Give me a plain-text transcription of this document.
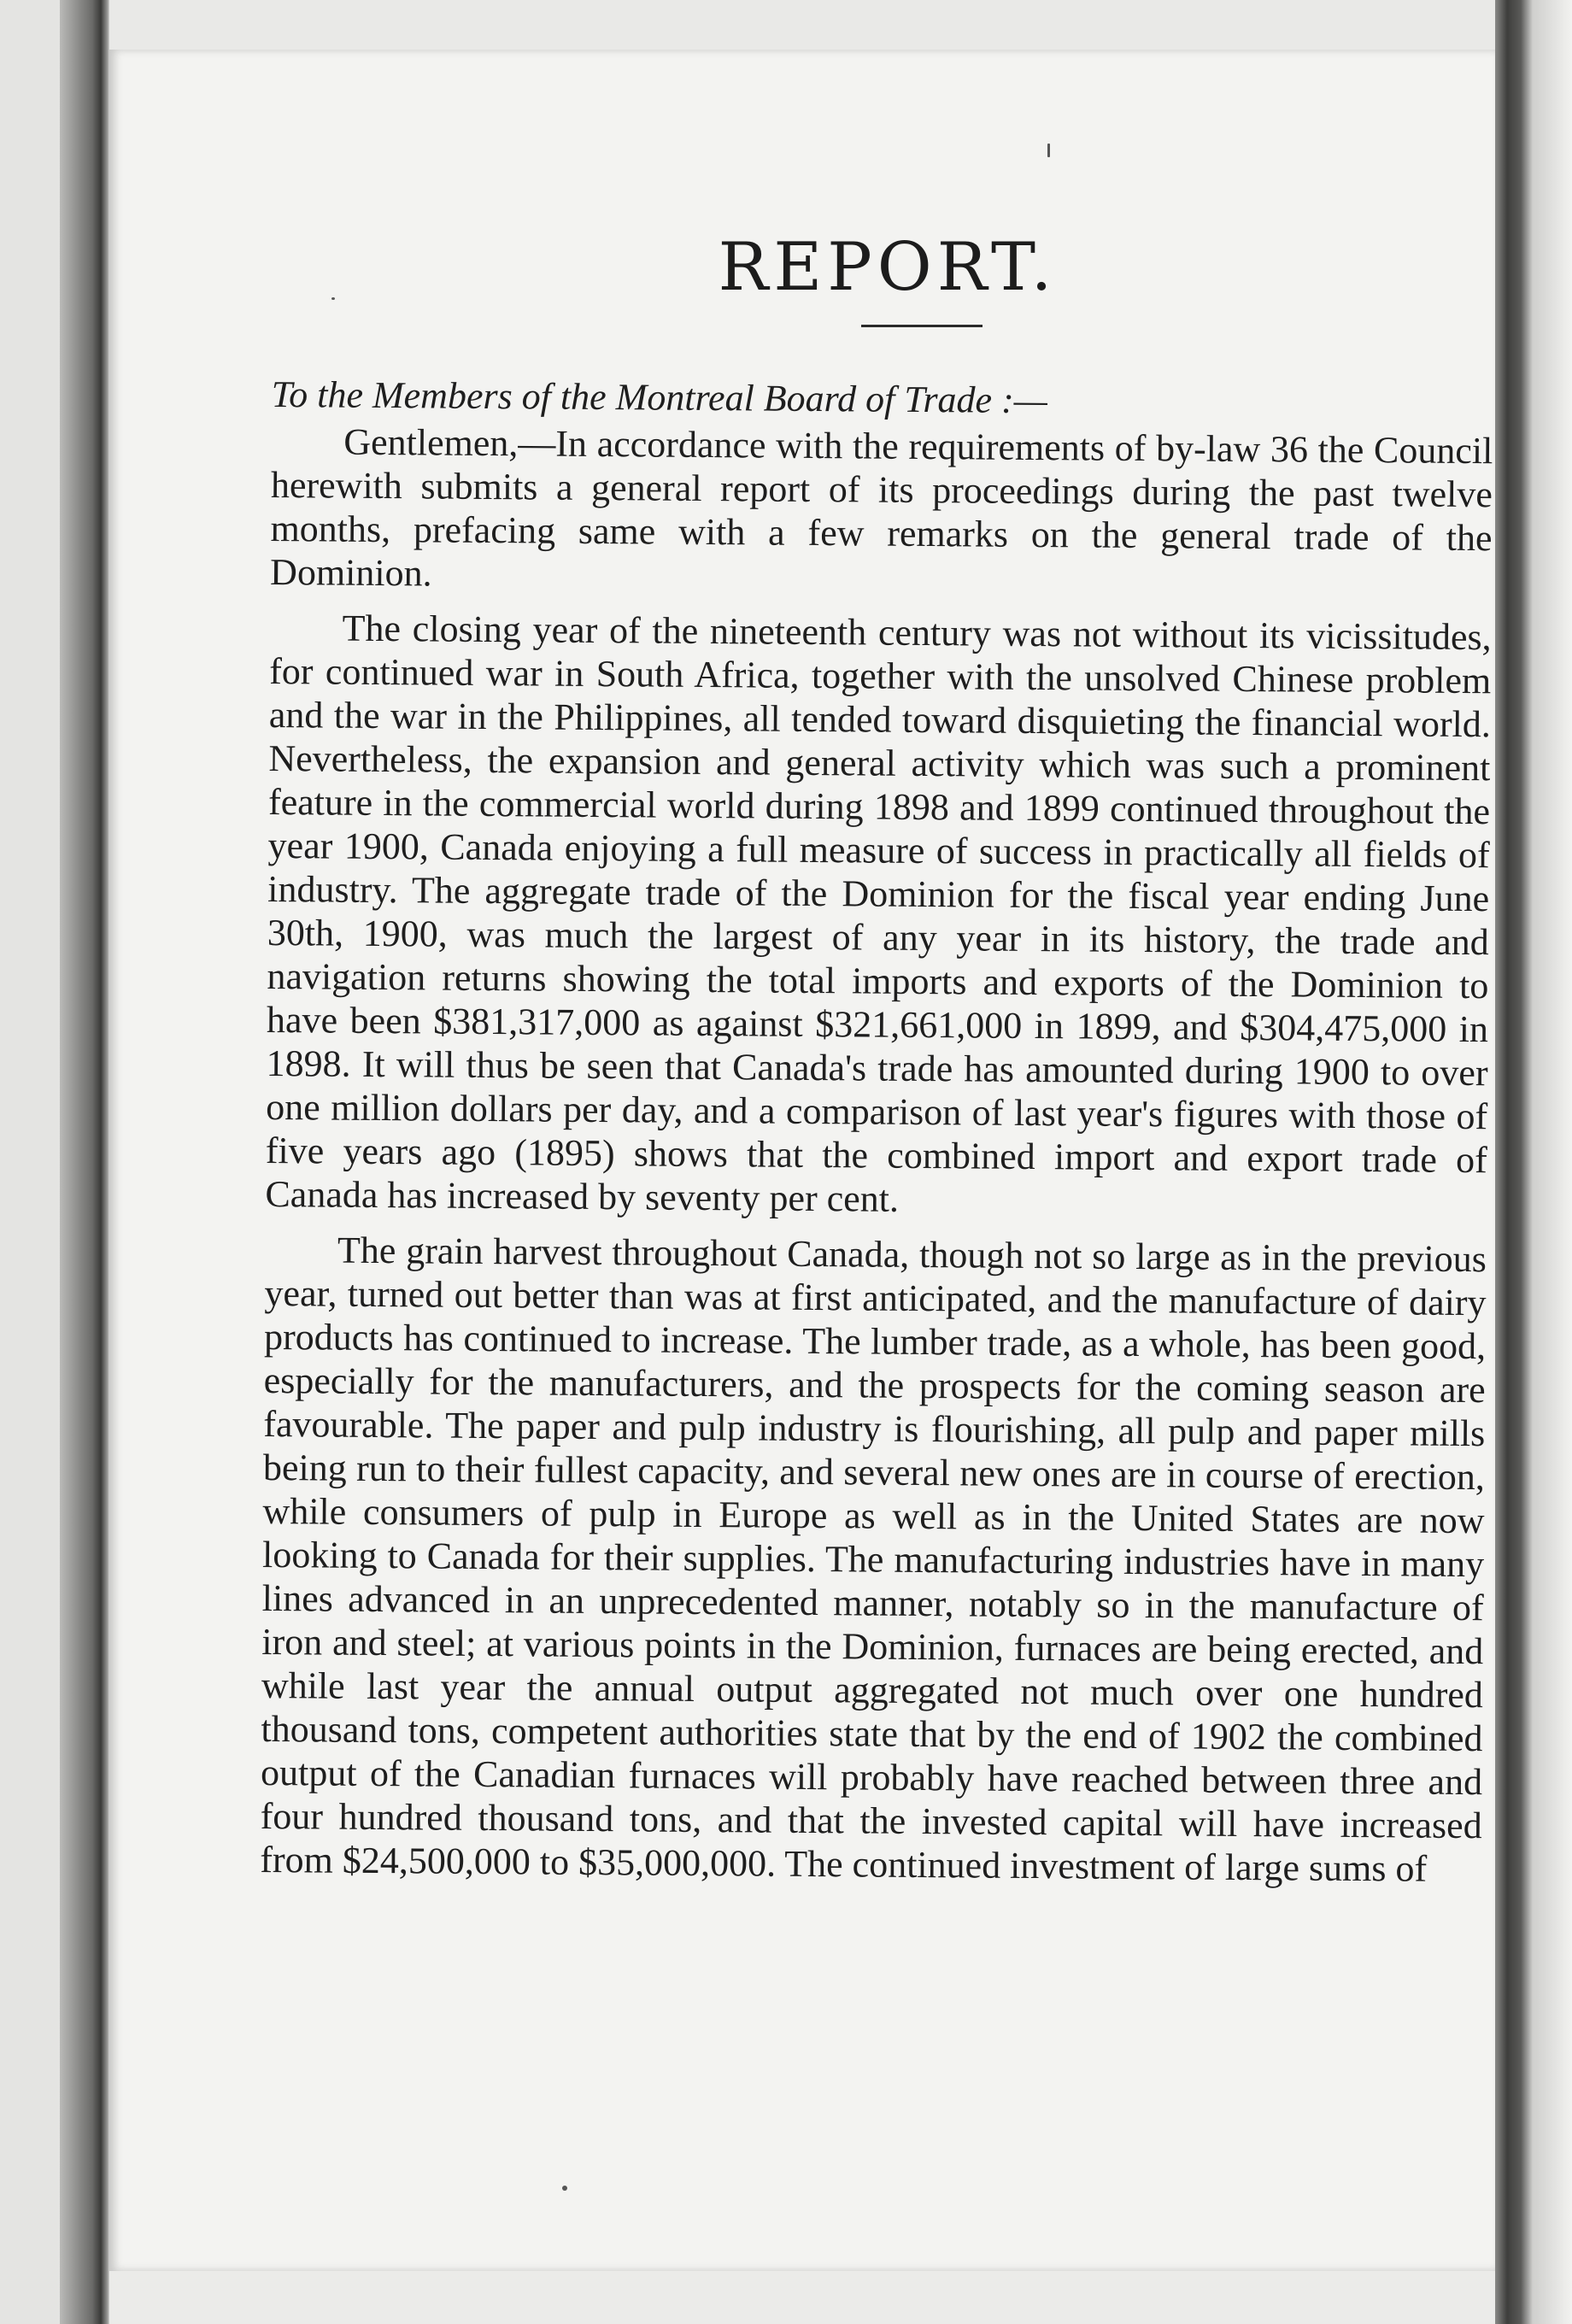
REPORT.

To the Members of the Montreal Board of Trade :—

Gentlemen,—In accordance with the requirements of by-law 36 the Council herewith submits a general report of its proceedings during the past twelve months, prefacing same with a few remarks on the general trade of the Dominion.

The closing year of the nineteenth century was not without its vicissitudes, for continued war in South Africa, together with the unsolved Chinese problem and the war in the Philippines, all tended toward disquieting the financial world. Nevertheless, the expansion and general activity which was such a prominent feature in the commercial world during 1898 and 1899 continued throughout the year 1900, Canada enjoying a full measure of success in practically all fields of industry. The aggregate trade of the Dominion for the fiscal year ending June 30th, 1900, was much the largest of any year in its history, the trade and navigation returns showing the total imports and exports of the Dominion to have been $381,317,000 as against $321,661,000 in 1899, and $304,475,000 in 1898. It will thus be seen that Canada's trade has amounted during 1900 to over one million dollars per day, and a comparison of last year's figures with those of five years ago (1895) shows that the combined import and export trade of Canada has increased by seventy per cent.

The grain harvest throughout Canada, though not so large as in the previous year, turned out better than was at first anticipated, and the manufacture of dairy products has continued to increase. The lumber trade, as a whole, has been good, especially for the manufacturers, and the prospects for the coming season are favourable. The paper and pulp industry is flourishing, all pulp and paper mills being run to their fullest capacity, and several new ones are in course of erection, while consumers of pulp in Europe as well as in the United States are now looking to Canada for their supplies. The manufacturing industries have in many lines advanced in an unprecedented manner, notably so in the manufacture of iron and steel; at various points in the Dominion, furnaces are being erected, and while last year the annual output aggregated not much over one hundred thousand tons, competent authorities state that by the end of 1902 the combined output of the Canadian furnaces will probably have reached between three and four hundred thousand tons, and that the invested capital will have increased from $24,500,000 to $35,000,000. The continued investment of large sums of
